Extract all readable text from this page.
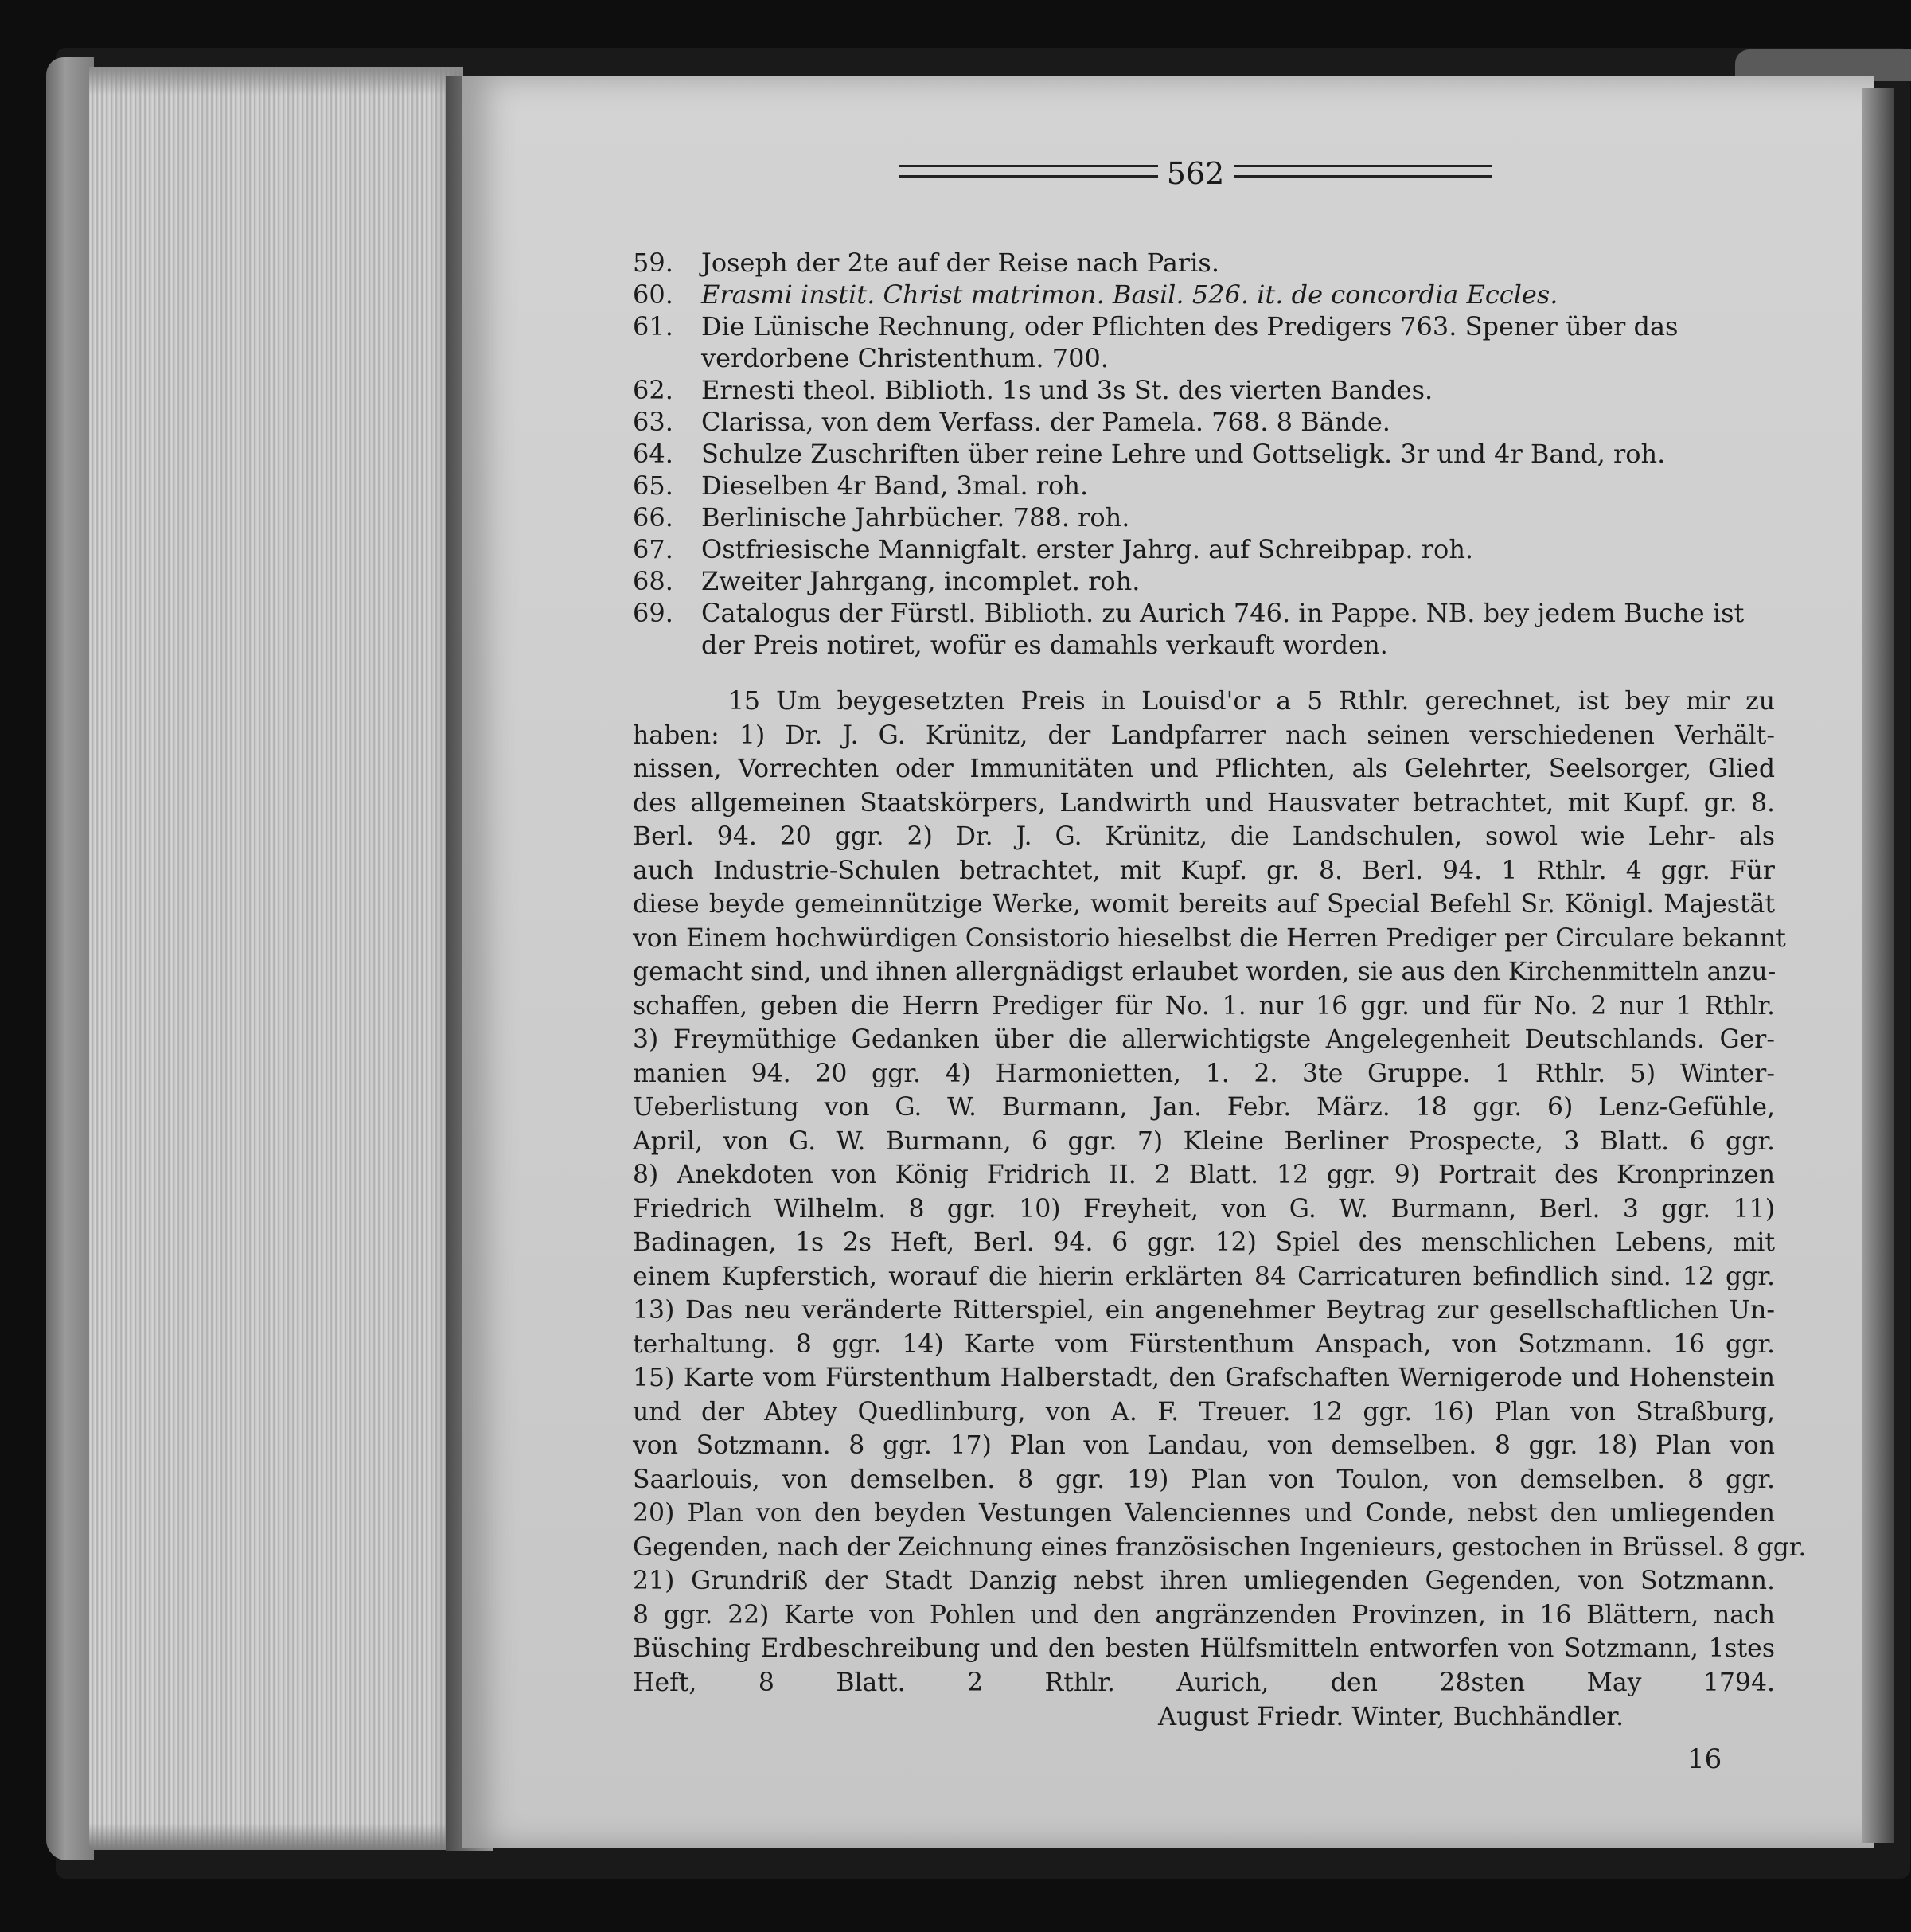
562
59.	Joseph der 2te auf der Reise nach Paris.
60.	Erasmi instit. Christ matrimon. Basil. 526. it. de concordia Eccles.
61.	Die Lünische Rechnung, oder Pflichten des Predigers 763. Spener über das verdorbene Christenthum. 700.
62.	Ernesti theol. Biblioth. 1s und 3s St. des vierten Bandes.
63.	Clarissa, von dem Verfass. der Pamela. 768. 8 Bände.
64.	Schulze Zuschriften über reine Lehre und Gottseligk. 3r und 4r Band, roh.
65.	Dieselben 4r Band, 3mal. roh.
66.	Berlinische Jahrbücher. 788. roh.
67.	Ostfriesische Mannigfalt. erster Jahrg. auf Schreibpap. roh.
68.	Zweiter Jahrgang, incomplet. roh.
69.	Catalogus der Fürstl. Biblioth. zu Aurich 746. in Pappe. NB. bey jedem Buche ist der Preis notiret, wofür es damahls verkauft worden.
15 Um beygesetzten Preis in Louisd'or a 5 Rthlr. gerechnet, ist bey mir zu
haben: 1) Dr. J. G. Krünitz, der Landpfarrer nach seinen verschiedenen Verhält-
nissen, Vorrechten oder Immunitäten und Pflichten, als Gelehrter, Seelsorger, Glied
des allgemeinen Staatskörpers, Landwirth und Hausvater betrachtet, mit Kupf. gr. 8.
Berl. 94. 20 ggr. 2) Dr. J. G. Krünitz, die Landschulen, sowol wie Lehr- als
auch Industrie-Schulen betrachtet, mit Kupf. gr. 8. Berl. 94. 1 Rthlr. 4 ggr. Für
diese beyde gemeinnützige Werke, womit bereits auf Special Befehl Sr. Königl. Majestät
von Einem hochwürdigen Consistorio hieselbst die Herren Prediger per Circulare bekannt
gemacht sind, und ihnen allergnädigst erlaubet worden, sie aus den Kirchenmitteln anzu-
schaffen, geben die Herrn Prediger für No. 1. nur 16 ggr. und für No. 2 nur 1 Rthlr.
3) Freymüthige Gedanken über die allerwichtigste Angelegenheit Deutschlands. Ger-
manien 94. 20 ggr. 4) Harmonietten, 1. 2. 3te Gruppe. 1 Rthlr. 5) Winter-
Ueberlistung von G. W. Burmann, Jan. Febr. März. 18 ggr. 6) Lenz-Gefühle,
April, von G. W. Burmann, 6 ggr. 7) Kleine Berliner Prospecte, 3 Blatt. 6 ggr.
8) Anekdoten von König Fridrich II. 2 Blatt. 12 ggr. 9) Portrait des Kronprinzen
Friedrich Wilhelm. 8 ggr. 10) Freyheit, von G. W. Burmann, Berl. 3 ggr. 11)
Badinagen, 1s 2s Heft, Berl. 94. 6 ggr. 12) Spiel des menschlichen Lebens, mit
einem Kupferstich, worauf die hierin erklärten 84 Carricaturen befindlich sind. 12 ggr.
13) Das neu veränderte Ritterspiel, ein angenehmer Beytrag zur gesellschaftlichen Un-
terhaltung. 8 ggr. 14) Karte vom Fürstenthum Anspach, von Sotzmann. 16 ggr.
15) Karte vom Fürstenthum Halberstadt, den Grafschaften Wernigerode und Hohenstein
und der Abtey Quedlinburg, von A. F. Treuer. 12 ggr. 16) Plan von Straßburg,
von Sotzmann. 8 ggr. 17) Plan von Landau, von demselben. 8 ggr. 18) Plan von
Saarlouis, von demselben. 8 ggr. 19) Plan von Toulon, von demselben. 8 ggr.
20) Plan von den beyden Vestungen Valenciennes und Conde, nebst den umliegenden
Gegenden, nach der Zeichnung eines französischen Ingenieurs, gestochen in Brüssel. 8 ggr.
21) Grundriß der Stadt Danzig nebst ihren umliegenden Gegenden, von Sotzmann.
8 ggr. 22) Karte von Pohlen und den angränzenden Provinzen, in 16 Blättern, nach
Büsching Erdbeschreibung und den besten Hülfsmitteln entworfen von Sotzmann, 1stes
Heft, 8 Blatt. 2 Rthlr. Aurich, den 28sten May 1794.
August Friedr. Winter, Buchhändler.
16
